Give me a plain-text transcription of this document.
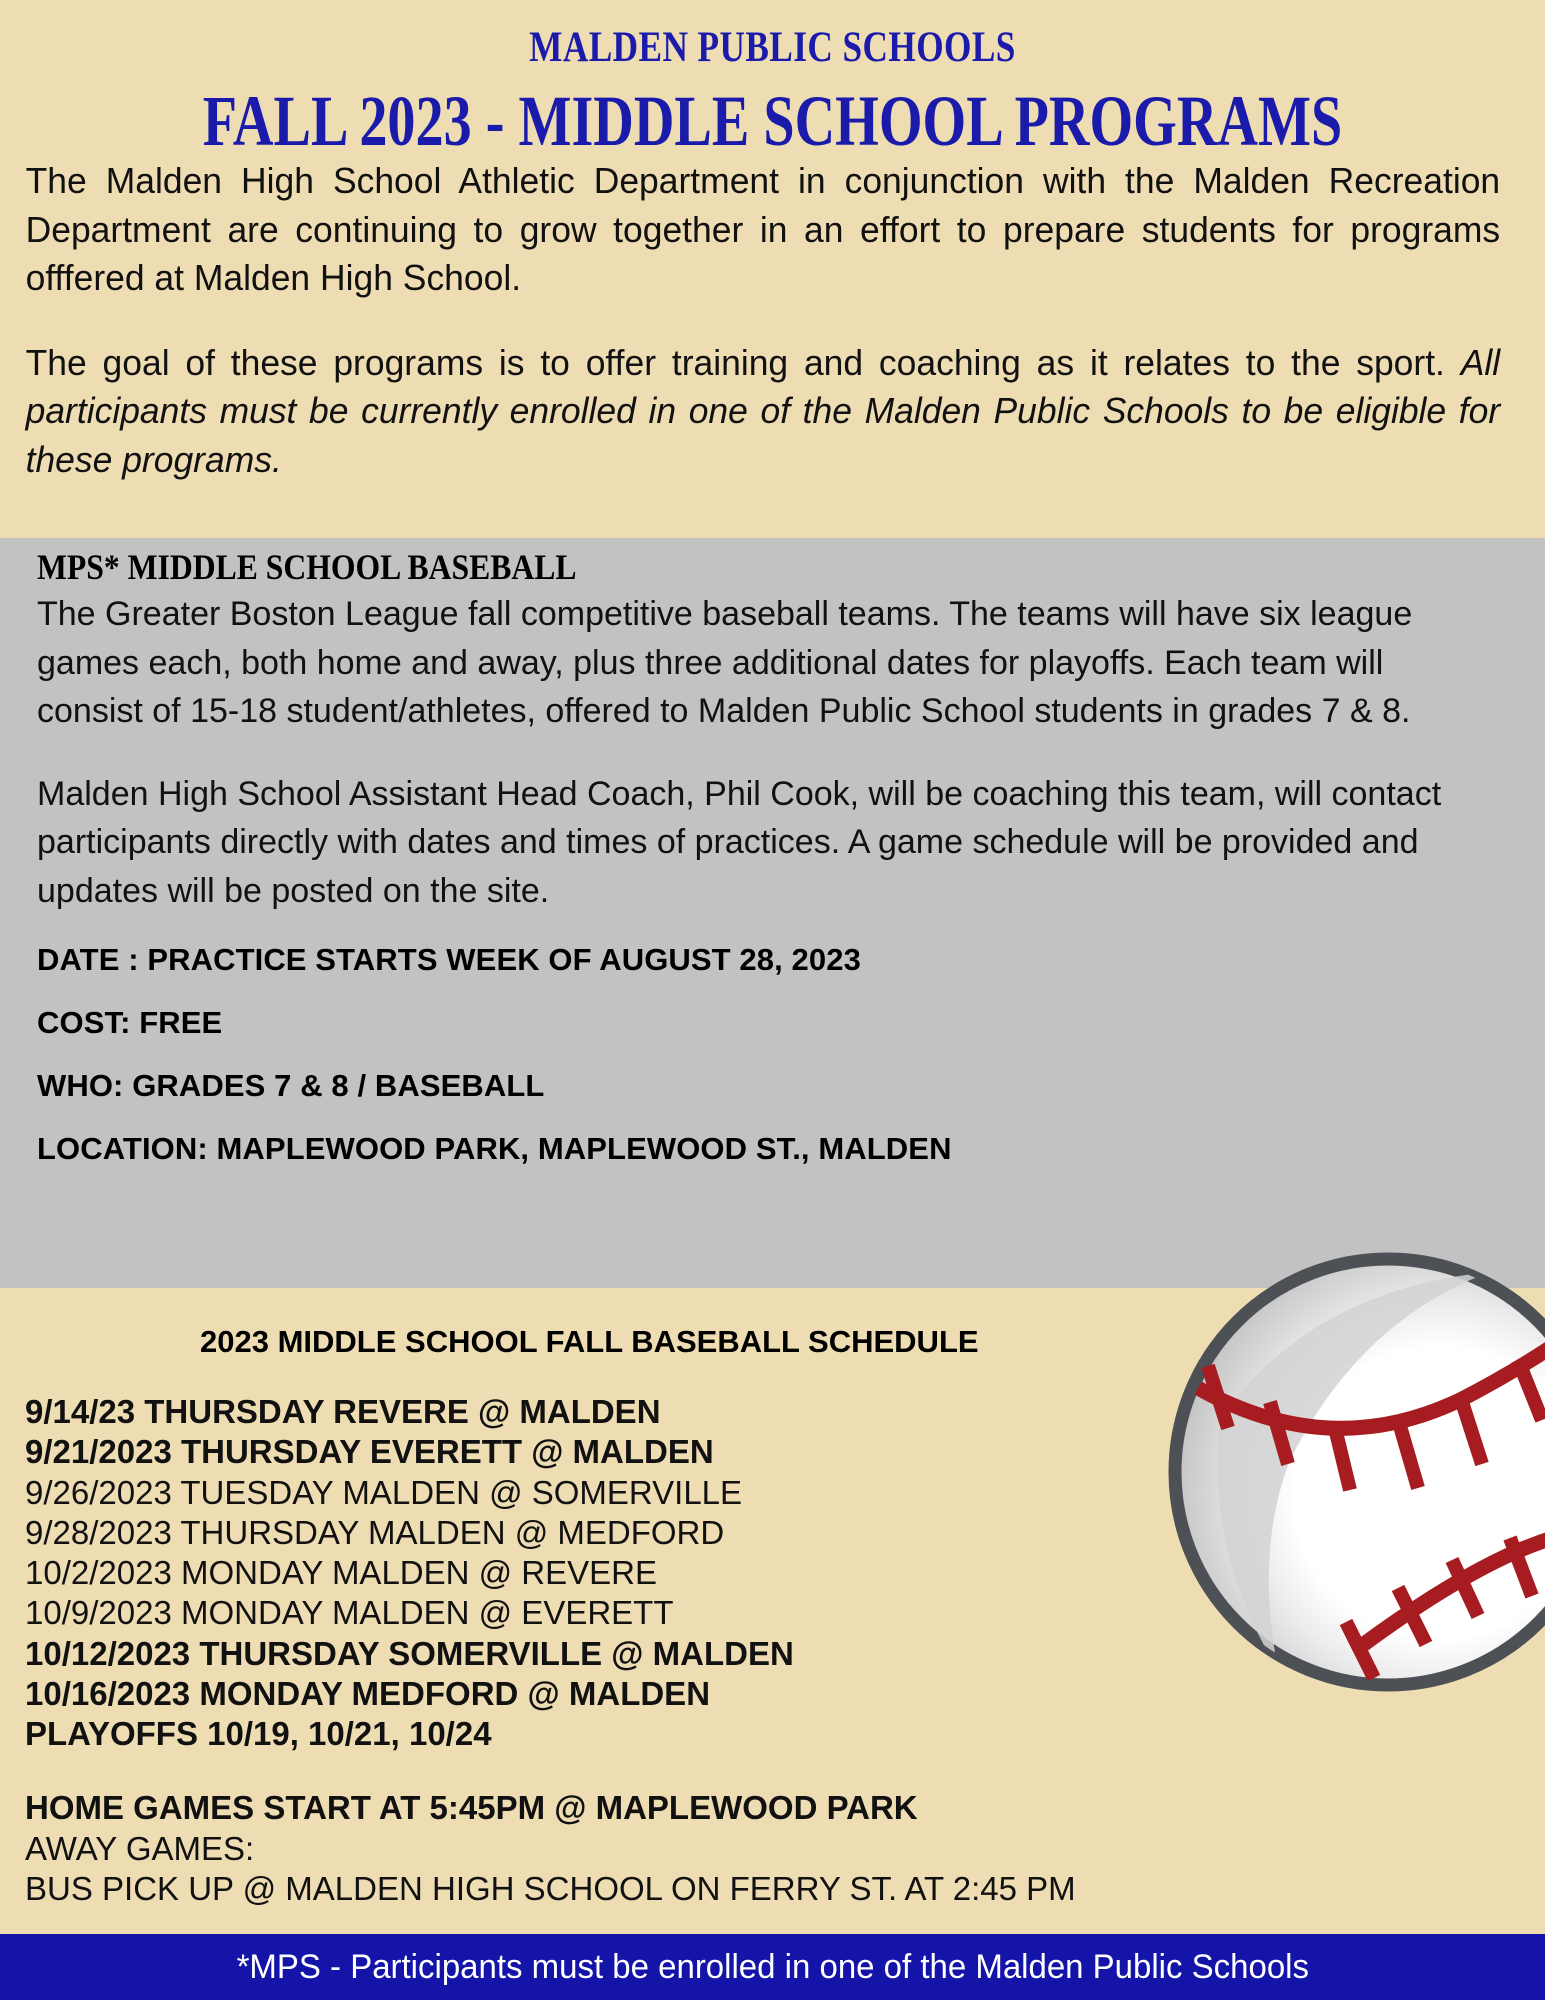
MALDEN PUBLIC SCHOOLS
FALL 2023 - MIDDLE SCHOOL PROGRAMS

The Malden High School Athletic Department in conjunction with the Malden Recreation Department are continuing to grow together in an effort to prepare students for programs offfered at Malden High School.

The goal of these programs is to offer training and coaching as it relates to the sport. All participants must be currently enrolled in one of the Malden Public Schools to be eligible for these programs.

MPS* MIDDLE SCHOOL BASEBALL

The Greater Boston League fall competitive baseball teams. The teams will have six league games each, both home and away, plus three additional dates for playoffs. Each team will consist of 15-18 student/athletes, offered to Malden Public School students in grades 7 & 8.

Malden High School Assistant Head Coach, Phil Cook, will be coaching this team, will contact participants directly with dates and times of practices. A game schedule will be provided and updates will be posted on the site.

DATE : PRACTICE STARTS WEEK OF AUGUST 28, 2023
COST: FREE
WHO: GRADES 7 & 8 / BASEBALL
LOCATION: MAPLEWOOD PARK, MAPLEWOOD ST., MALDEN
2023 MIDDLE SCHOOL FALL BASEBALL SCHEDULE
9/14/23 THURSDAY REVERE @ MALDEN
9/21/2023 THURSDAY EVERETT @ MALDEN
9/26/2023 TUESDAY MALDEN @ SOMERVILLE
9/28/2023 THURSDAY MALDEN @ MEDFORD
10/2/2023 MONDAY MALDEN @ REVERE
10/9/2023 MONDAY MALDEN @ EVERETT
10/12/2023 THURSDAY SOMERVILLE @ MALDEN
10/16/2023 MONDAY MEDFORD @ MALDEN
PLAYOFFS 10/19, 10/21, 10/24
HOME GAMES START AT 5:45PM @ MAPLEWOOD PARK
AWAY GAMES:
BUS PICK UP @ MALDEN HIGH SCHOOL ON FERRY ST. AT 2:45 PM
*MPS - Participants must be enrolled in one of the Malden Public Schools
